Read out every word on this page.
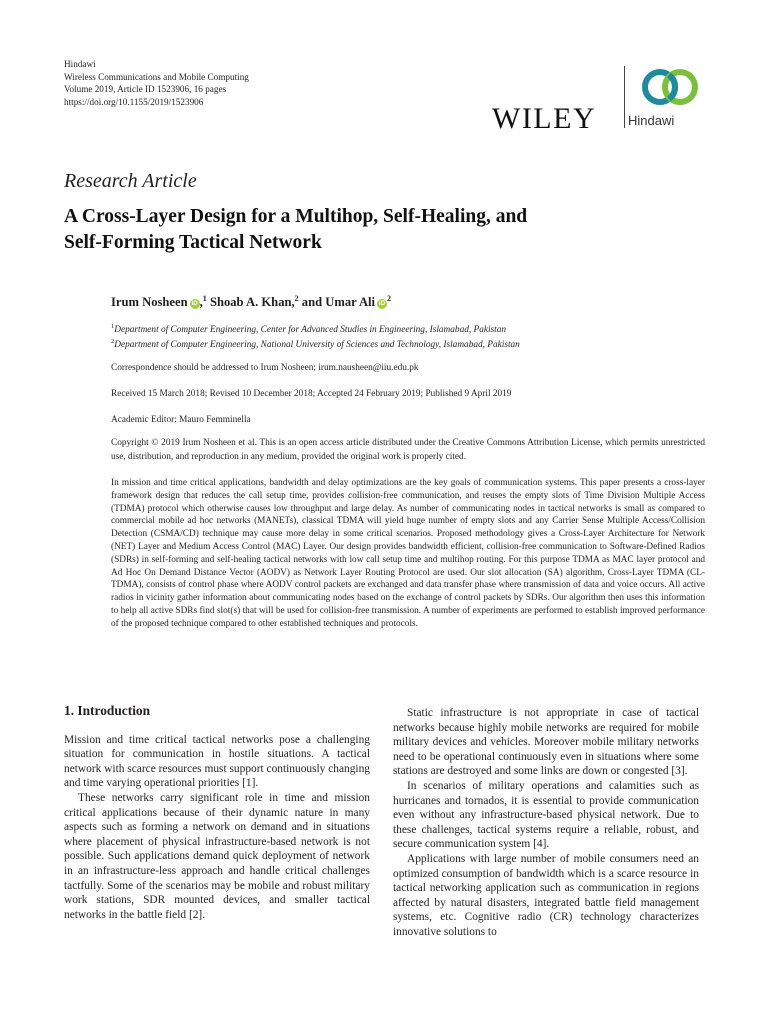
Hindawi
Wireless Communications and Mobile Computing
Volume 2019, Article ID 1523906, 16 pages
https://doi.org/10.1155/2019/1523906
WILEY Hindawi
Research Article
A Cross-Layer Design for a Multihop, Self-Healing, and
Self-Forming Tactical Network
Irum Nosheen iD ,$^1$ Shoab A. Khan,$^2$ and Umar Ali $iD^2$
$^1$Department of Computer Engineering, Center for Advanced Studies in Engineering, Islamabad, Pakistan
$^2$Department of Computer Engineering, National University of Sciences and Technology, Islamabad, Pakistan
Correspondence should be addressed to Irum Nosheen; irum.nausheen@iiu.edu.pk
Received 15 March 2018; Revised 10 December 2018; Accepted 24 February 2019; Published 9 April 2019
Academic Editor: Mauro Femminella
Copyright © 2019 Irum Nosheen et al. This is an open access article distributed under the Creative Commons Attribution License, which permits unrestricted use, distribution, and reproduction in any medium, provided the original work is properly cited.
In mission and time critical applications, bandwidth and delay optimizations are the key goals of communication systems. This paper presents a cross-layer framework design that reduces the call setup time, provides collision-free communication, and reuses the empty slots of Time Division Multiple Access (TDMA) protocol which otherwise causes low throughput and large delay. As number of communicating nodes in tactical networks is small as compared to commercial mobile ad hoc networks (MANETs), classical TDMA will yield huge number of empty slots and any Carrier Sense Multiple Access/Collision Detection (CSMA/CD) technique may cause more delay in some critical scenarios. Proposed methodology gives a Cross-Layer Architecture for Network (NET) Layer and Medium Access Control (MAC) Layer. Our design provides bandwidth efficient, collision-free communication to Software-Defined Radios (SDRs) in self-forming and self-healing tactical networks with low call setup time and multihop routing. For this purpose TDMA as MAC layer protocol and Ad Hoc On Demand Distance Vector (AODV) as Network Layer Routing Protocol are used. Our slot allocation (SA) algorithm, Cross-Layer TDMA (CL-TDMA), consists of control phase where AODV control packets are exchanged and data transfer phase where transmission of data and voice occurs. All active radios in vicinity gather information about communicating nodes based on the exchange of control packets by SDRs. Our algorithm then uses this information to help all active SDRs find slot(s) that will be used for collision-free transmission. A number of experiments are performed to establish improved performance of the proposed technique compared to other established techniques and protocols.
1. Introduction

Mission and time critical tactical networks pose a challenging situation for communication in hostile situations. A tactical network with scarce resources must support continuously changing and time varying operational priorities [1].

These networks carry significant role in time and mission critical applications because of their dynamic nature in many aspects such as forming a network on demand and in situations where placement of physical infrastructure-based network is not possible. Such applications demand quick deployment of network in an infrastructure-less approach and handle critical challenges tactfully. Some of the scenarios may be mobile and robust military work stations, SDR mounted devices, and smaller tactical networks in the battle field [2].

Static infrastructure is not appropriate in case of tactical networks because highly mobile networks are required for mobile military devices and vehicles. Moreover mobile military networks need to be operational continuously even in situations where some stations are destroyed and some links are down or congested [3].

In scenarios of military operations and calamities such as hurricanes and tornados, it is essential to provide communication even without any infrastructure-based physical network. Due to these challenges, tactical systems require a reliable, robust, and secure communication system [4].

Applications with large number of mobile consumers need an optimized consumption of bandwidth which is a scarce resource in tactical networking application such as communication in regions affected by natural disasters, integrated battle field management systems, etc. Cognitive radio (CR) technology characterizes innovative solutions to
